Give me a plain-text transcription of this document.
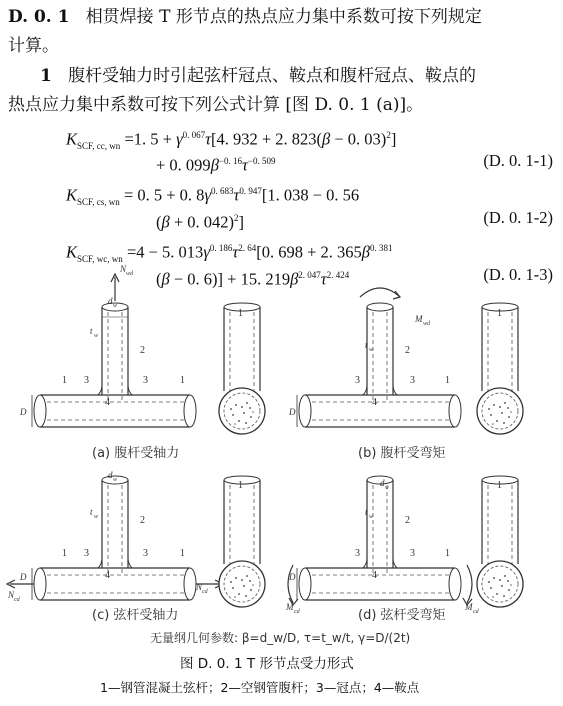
D. 0. 1 相贯焊接 T 形节点的热点应力集中系数可按下列规定
计算。
1 腹杆受轴力时引起弦杆冠点、鞍点和腹杆冠点、鞍点的
热点应力集中系数可按下列公式计算 [图 D. 0. 1 (a)]。
$K_{SCF, cc, wn} =1$. $5 + \gamma^{0. 067}\tau[4$. 932 + 2. 823(β − 0. 03)$^2$]
+ 0. $099\beta^{-0. 16}\tau^{-0. 509}$	(D. 0. 1-1)
$K_{SCF, cs, wn} = 0$. 5 + 0. $8\gamma^{0. 683}\tau^{0. 947}[1$. 038 − 0. 56
(β + 0. 042)$^2$]	(D. 0. 1-2)
$K_{SCF, wc, wn} =4 - 5$. $013\gamma^{0. 186}\tau^{2. 64}[0$. 698 + 2. $365\beta^{0. 381}$
(β − 0. 6)] + 15. $219\beta^{2. 047}\tau^{2. 424}$	(D. 0. 1-3)
N wd
d w
t w
2
3	3
1	1
4
D
1	M wd
t w	2
3	3	1
4
D
1
d w
t w	2
3	3
1	1
4
D
N cd
N cd
1	d w
t w	2
3	3	1
4
D
M cd	M cd
1
(a) 腹杆受轴力	(b) 腹杆受弯矩
(c) 弦杆受轴力	(d) 弦杆受弯矩
无量纲几何参数: β=d_w/D, τ=t_w/t, γ=D/(2t)
图 D. 0. 1 T 形节点受力形式
1—钢管混凝土弦杆；2—空钢管腹杆；3—冠点；4—鞍点
